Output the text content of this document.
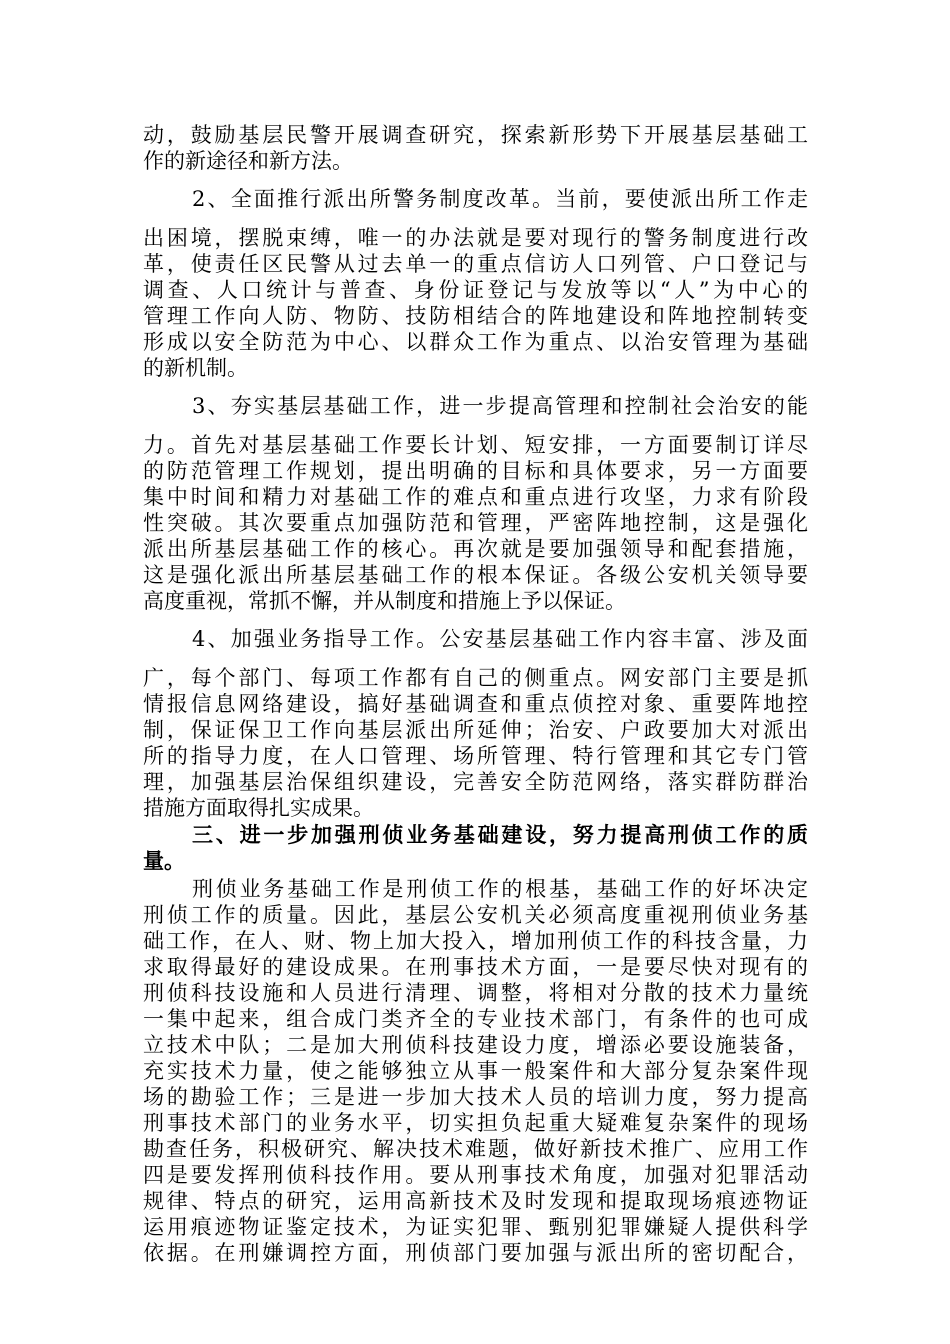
动，鼓励基层民警开展调查研究，探索新形势下开展基层基础工
作的新途径和新方法。
2、全面推行派出所警务制度改革。当前，要使派出所工作走
出困境，摆脱束缚，唯一的办法就是要对现行的警务制度进行改
革，使责任区民警从过去单一的重点信访人口列管、户口登记与
调查、人口统计与普查、身份证登记与发放等以“人”为中心的
管理工作向人防、物防、技防相结合的阵地建设和阵地控制转变
形成以安全防范为中心、以群众工作为重点、以治安管理为基础
的新机制。
3、夯实基层基础工作，进一步提高管理和控制社会治安的能
力。首先对基层基础工作要长计划、短安排，一方面要制订详尽
的防范管理工作规划，提出明确的目标和具体要求，另一方面要
集中时间和精力对基础工作的难点和重点进行攻坚，力求有阶段
性突破。其次要重点加强防范和管理，严密阵地控制，这是强化
派出所基层基础工作的核心。再次就是要加强领导和配套措施，
这是强化派出所基层基础工作的根本保证。各级公安机关领导要
高度重视，常抓不懈，并从制度和措施上予以保证。
4、加强业务指导工作。公安基层基础工作内容丰富、涉及面
广，每个部门、每项工作都有自己的侧重点。网安部门主要是抓
情报信息网络建设，搞好基础调查和重点侦控对象、重要阵地控
制，保证保卫工作向基层派出所延伸；治安、户政要加大对派出
所的指导力度，在人口管理、场所管理、特行管理和其它专门管
理，加强基层治保组织建设，完善安全防范网络，落实群防群治
措施方面取得扎实成果。
三、进一步加强刑侦业务基础建设，努力提高刑侦工作的质
量。
刑侦业务基础工作是刑侦工作的根基，基础工作的好坏决定
刑侦工作的质量。因此，基层公安机关必须高度重视刑侦业务基
础工作，在人、财、物上加大投入，增加刑侦工作的科技含量，力
求取得最好的建设成果。在刑事技术方面，一是要尽快对现有的
刑侦科技设施和人员进行清理、调整，将相对分散的技术力量统
一集中起来，组合成门类齐全的专业技术部门，有条件的也可成
立技术中队；二是加大刑侦科技建设力度，增添必要设施装备，
充实技术力量，使之能够独立从事一般案件和大部分复杂案件现
场的勘验工作；三是进一步加大技术人员的培训力度，努力提高
刑事技术部门的业务水平，切实担负起重大疑难复杂案件的现场
勘查任务，积极研究、解决技术难题，做好新技术推广、应用工作
四是要发挥刑侦科技作用。要从刑事技术角度，加强对犯罪活动
规律、特点的研究，运用高新技术及时发现和提取现场痕迹物证
运用痕迹物证鉴定技术，为证实犯罪、甄别犯罪嫌疑人提供科学
依据。在刑嫌调控方面，刑侦部门要加强与派出所的密切配合，
